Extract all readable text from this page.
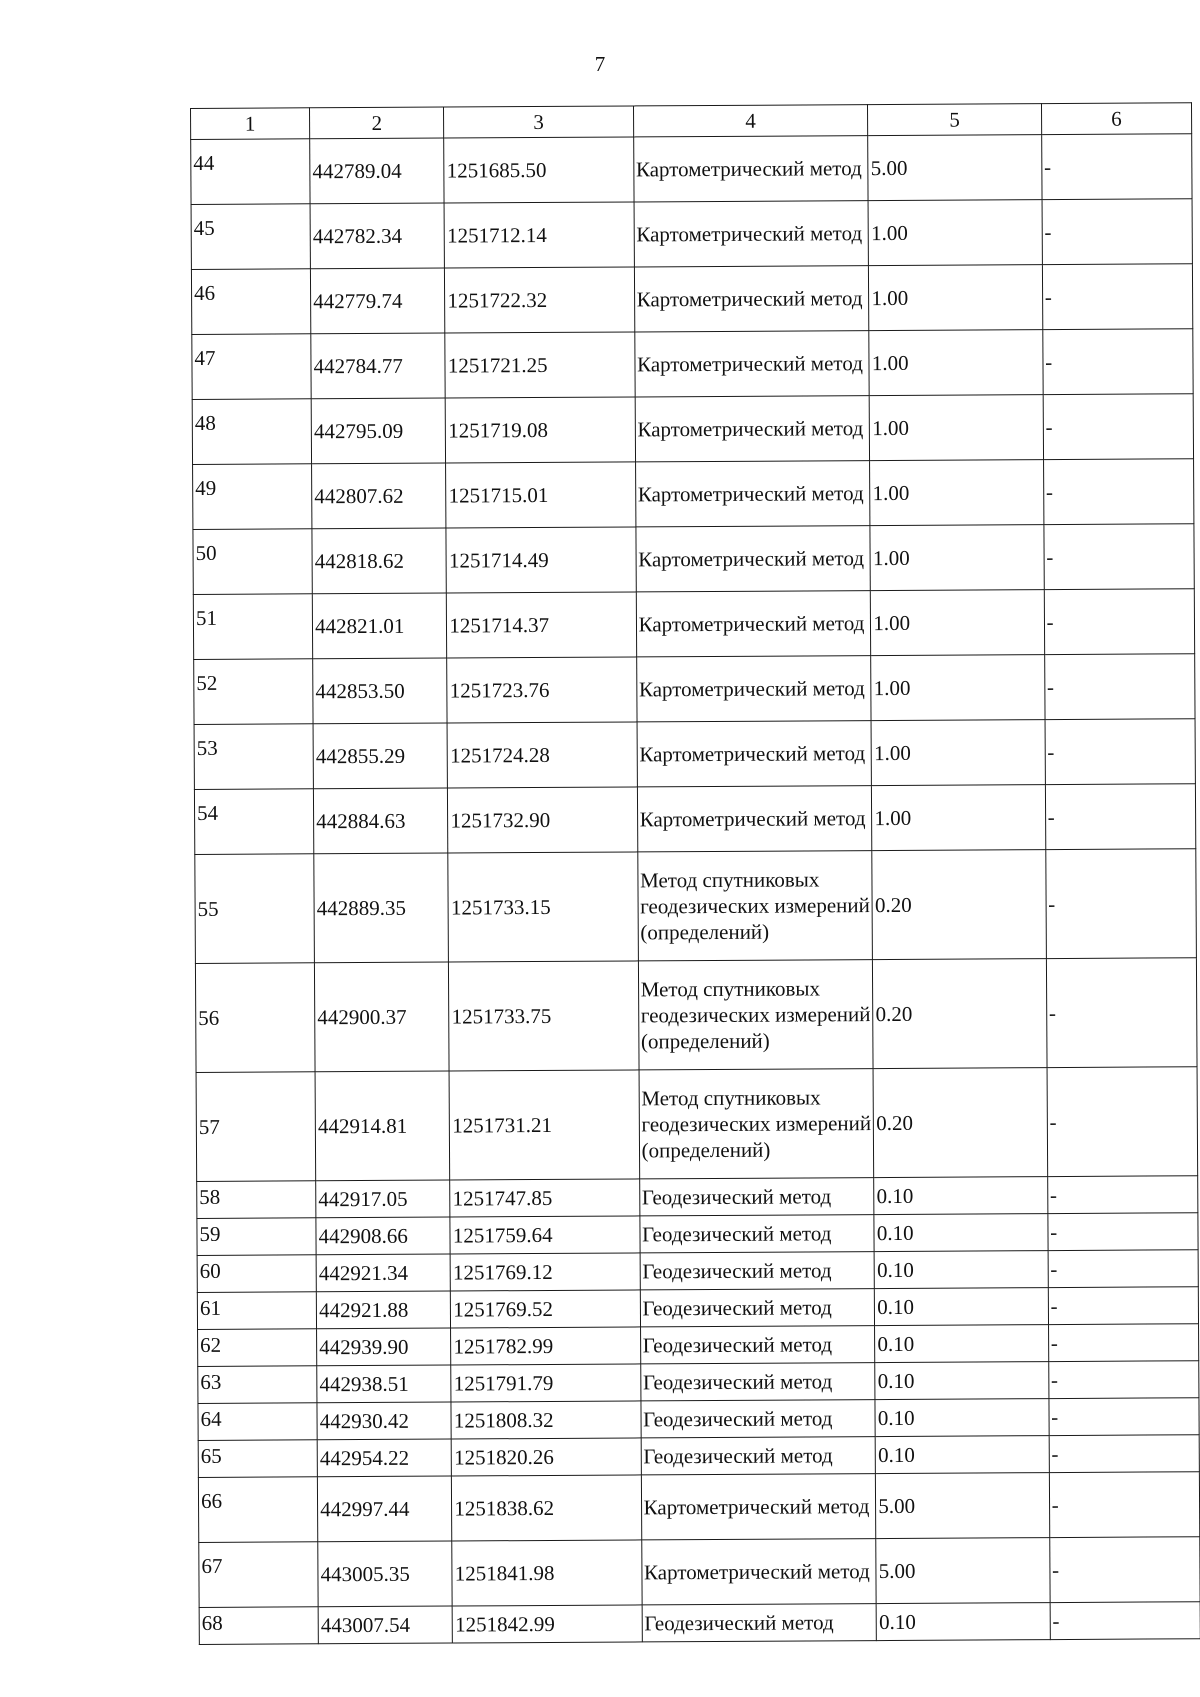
7
1	2	3	4	5	6
44	442789.04	1251685.50	Картометрический метод	5.00	-
45	442782.34	1251712.14	Картометрический метод	1.00	-
46	442779.74	1251722.32	Картометрический метод	1.00	-
47	442784.77	1251721.25	Картометрический метод	1.00	-
48	442795.09	1251719.08	Картометрический метод	1.00	-
49	442807.62	1251715.01	Картометрический метод	1.00	-
50	442818.62	1251714.49	Картометрический метод	1.00	-
51	442821.01	1251714.37	Картометрический метод	1.00	-
52	442853.50	1251723.76	Картометрический метод	1.00	-
53	442855.29	1251724.28	Картометрический метод	1.00	-
54	442884.63	1251732.90	Картометрический метод	1.00	-
55	442889.35	1251733.15	Метод спутниковых геодезических измерений (определений)	0.20	-
56	442900.37	1251733.75	Метод спутниковых геодезических измерений (определений)	0.20	-
57	442914.81	1251731.21	Метод спутниковых геодезических измерений (определений)	0.20	-
58	442917.05	1251747.85	Геодезический метод	0.10	-
59	442908.66	1251759.64	Геодезический метод	0.10	-
60	442921.34	1251769.12	Геодезический метод	0.10	-
61	442921.88	1251769.52	Геодезический метод	0.10	-
62	442939.90	1251782.99	Геодезический метод	0.10	-
63	442938.51	1251791.79	Геодезический метод	0.10	-
64	442930.42	1251808.32	Геодезический метод	0.10	-
65	442954.22	1251820.26	Геодезический метод	0.10	-
66	442997.44	1251838.62	Картометрический метод	5.00	-
67	443005.35	1251841.98	Картометрический метод	5.00	-
68	443007.54	1251842.99	Геодезический метод	0.10	-
